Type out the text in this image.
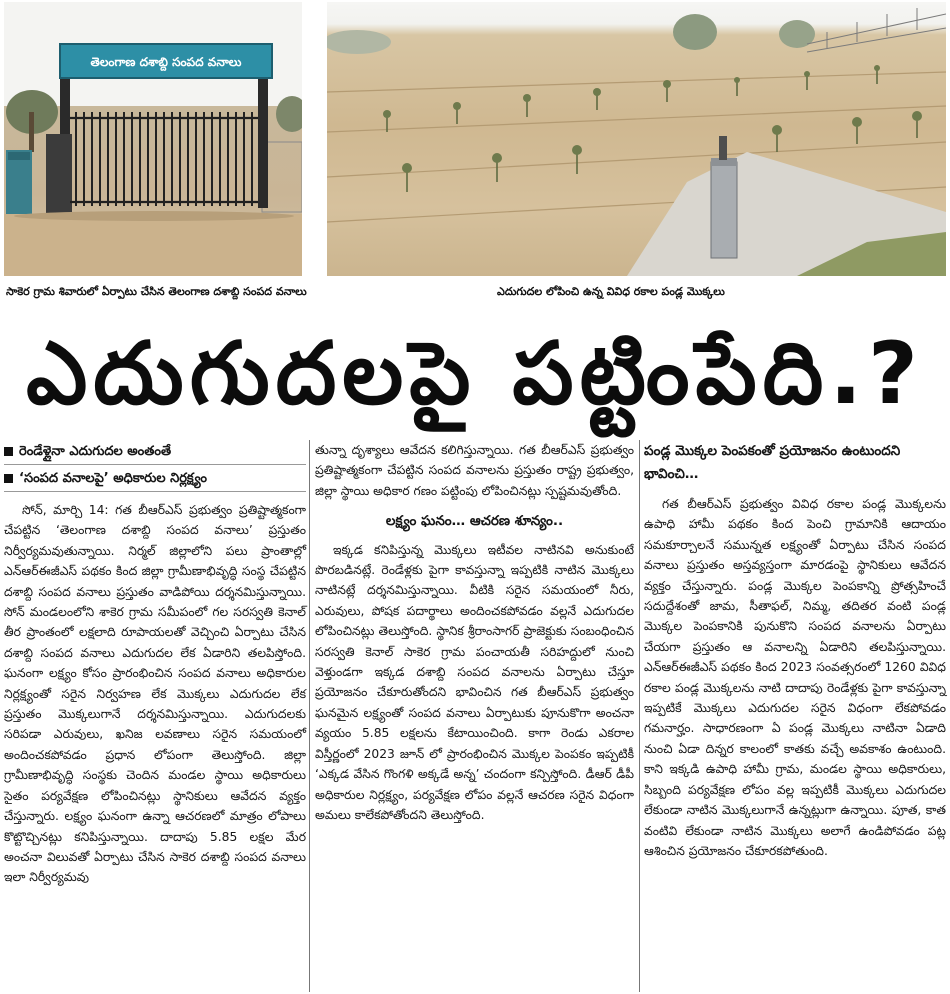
తెలంగాణ దశాబ్ది సంపద వనాలు
సాకెర గ్రామ శివారులో ఏర్పాటు చేసిన తెలంగాణ దశాబ్ది సంపద వనాలు	ఎదుగుదల లోపించి ఉన్న వివిధ రకాల పండ్ల మొక్కలు
ఎదుగుదలపై పట్టింపేది.?
రెండేళ్లైనా ఎదుగుదల అంతంతే
‘సంపద వనాలపై’ అధికారుల నిర్లక్ష్యం

సోన్, మార్చి 14: గత బీఆర్ఎస్ ప్రభుత్వం ప్రతిష్టాత్మకంగా చేపట్టిన ‘తెలంగాణ దశాబ్ది సంపద వనాలు’ ప్రస్తుతం నిర్వీర్యమవుతున్నాయి. నిర్మల్ జిల్లాలోని పలు ప్రాంతాల్లో ఎన్ఆర్ఈజీఎస్ పథకం కింద జిల్లా గ్రామీణాభివృద్ధి సంస్థ చేపట్టిన దశాబ్ది సంపద వనాలు ప్రస్తుతం వాడిపోయి దర్శనమిస్తున్నాయి. సోన్ మండలంలోని శాకెర గ్రామ సమీపంలో గల సరస్వతి కెనాల్ తీర ప్రాంతంలో లక్షలాది రూపాయలతో వెచ్చించి ఏర్పాటు చేసిన దశాబ్ది సంపద వనాలు ఎదుగుదల లేక ఏడారిని తలపిస్తోంది. ఘనంగా లక్ష్యం కోసం ప్రారంభించిన సంపద వనాలు అధికారుల నిర్లక్ష్యంతో సరైన నిర్వహణ లేక మొక్కలు ఎదుగుదల లేక ప్రస్తుతం మొక్కలుగానే దర్శనమిస్తున్నాయి. ఎదుగుదలకు సరిపడా ఎరువులు, ఖనిజ లవణాలు సరైన సమయంలో అందించకపోవడం ప్రధాన లోపంగా తెలుస్తోంది. జిల్లా గ్రామీణాభివృద్ధి సంస్థకు చెందిన మండల స్థాయి అధికారులు సైతం పర్యవేక్షణ లోపించినట్లు స్థానికులు ఆవేదన వ్యక్తం చేస్తున్నారు. లక్ష్యం ఘనంగా ఉన్నా ఆచరణలో మాత్రం లోపాలు కొట్టొచ్చినట్లు కనిపిస్తున్నాయి. దాదాపు 5.85 లక్షల మేర అంచనా విలువతో ఏర్పాటు చేసిన సాకెర దశాబ్ది సంపద వనాలు ఇలా నిర్వీర్యమవు

తున్నా దృశ్యాలు ఆవేదన కలిగిస్తున్నాయి. గత బీఆర్ఎస్ ప్రభుత్వం ప్రతిష్టాత్మకంగా చేపట్టిన సంపద వనాలను ప్రస్తుతం రాష్ట్ర ప్రభుత్వం, జిల్లా స్థాయి అధికార గణం పట్టింపు లోపించినట్లు స్పష్టమవుతోంది.

లక్ష్యం ఘనం… ఆచరణ శూన్యం..

ఇక్కడ కనిపిస్తున్న మొక్కలు ఇటీవల నాటినవి అనుకుంటే పొరబడినట్లే. రెండేళ్లకు పైగా కావస్తున్నా ఇప్పటికి నాటిన మొక్కలు నాటినట్లే దర్శనమిస్తున్నాయి. వీటికి సరైన సమయంలో నీరు, ఎరువులు, పోషక పదార్థాలు అందించకపోవడం వల్లనే ఎదుగుదల లోపించినట్లు తెలుస్తోంది. స్థానిక శ్రీరాంసాగర్ ప్రాజెక్టుకు సంబంధించిన సరస్వతి కెనాల్ సాకెర గ్రామ పంచాయతీ సరిహద్దులో నుంచి వెళ్తుండగా ఇక్కడ దశాబ్ది సంపద వనాలను ఏర్పాటు చేస్తూ ప్రయోజనం చేకూరుతోందని భావించిన గత బీఆర్ఎస్ ప్రభుత్వం ఘనమైన లక్ష్యంతో సంపద వనాలు ఏర్పాటుకు పూనుకొగా అంచనా వ్యయం 5.85 లక్షలను కేటాయించింది. కాగా రెండు ఎకరాల విస్తీర్ణంలో 2023 జూన్ లో ప్రారంభించిన మొక్కల పెంపకం ఇప్పటికీ ‘ఎక్కడ వేసిన గొంగళి అక్కడే అన్న’ చందంగా కన్పిస్తోంది. డీఆర్ డీపీ అధికారుల నిర్లక్ష్యం, పర్యవేక్షణ లోపం వల్లనే ఆచరణ సరైన విధంగా అమలు కాలేకపోతోందని తెలుస్తోంది.

పండ్ల మొక్కల పెంపకంతో ప్రయోజనం ఉంటుందని భావించి…

గత బీఆర్ఎస్ ప్రభుత్వం వివిధ రకాల పండ్ల మొక్కలను ఉపాధి హామీ పథకం కింద పెంచి గ్రామానికి ఆదాయం సమకూర్చాలనే సమున్నత లక్ష్యంతో ఏర్పాటు చేసిన సంపద వనాలు ప్రస్తుతం అస్తవ్యస్తంగా మారడంపై స్థానికులు ఆవేదన వ్యక్తం చేస్తున్నారు. పండ్ల మొక్కల పెంపకాన్ని ప్రోత్సహించే సదుద్దేశంతో జామ, సీతాఫల్, నిమ్మ, తదితర వంటి పండ్ల మొక్కల పెంపకానికి పునుకొని సంపద వనాలను ఏర్పాటు చేయగా ప్రస్తుతం ఆ వనాలన్ని ఏడారిని తలపిస్తున్నాయి. ఎన్ఆర్ఈజీఎస్ పథకం కింద 2023 సంవత్సరంలో 1260 వివిధ రకాల పండ్ల మొక్కలను నాటి దాదాపు రెండేళ్లకు పైగా కావస్తున్నా ఇప్పటికే మొక్కలు ఎదుగుదల సరైన విధంగా లేకపోవడం గమనార్హం. సాధారణంగా ఏ పండ్ల మొక్కలు నాటినా ఏడాది నుంచి ఏడా దిన్నర కాలంలో కాతకు వచ్చే అవకాశం ఉంటుంది. కాని ఇక్కడి ఉపాధి హామీ గ్రామ, మండల స్థాయి అధికారులు, సిబ్బంది పర్యవేక్షణ లోపం వల్ల ఇప్పటికీ మొక్కలు ఎదుగుదల లేకుండా నాటిన మొక్కలుగానే ఉన్నట్లుగా ఉన్నాయి. పూత, కాత వంటివి లేకుండా నాటిన మొక్కలు అలాగే ఉండిపోవడం పట్ల ఆశించిన ప్రయోజనం చేకూరకపోతుంది.
